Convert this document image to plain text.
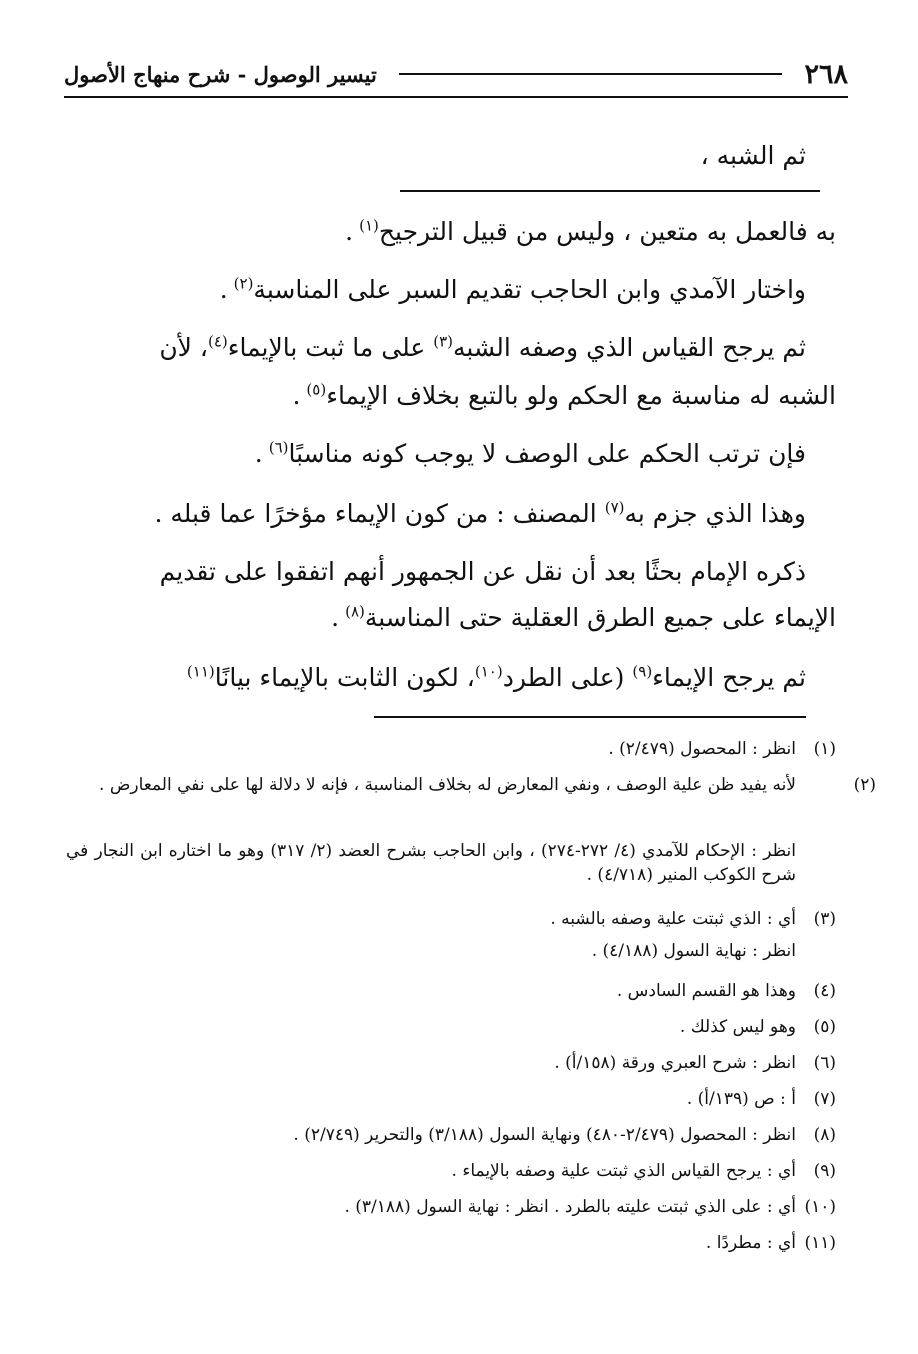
٢٦٨
تيسير الوصول - شرح منهاج الأصول
ثم الشبه ،
به فالعمل به متعين ، وليس من قبيل الترجيح$^{(١)}$.
واختار الآمدي وابن الحاجب تقديم السبر على المناسبة$^{(٢)}$.
ثم يرجح القياس الذي وصفه الشبه$^{(٣)}$ على ما ثبت بالإيماء$^{(٤)}$، لأن
الشبه له مناسبة مع الحكم ولو بالتبع بخلاف الإيماء$^{(٥)}$.
فإن ترتب الحكم على الوصف لا يوجب كونه مناسبًا$^{(٦)}$.
وهذا الذي جزم به$^{(٧)}$ المصنف : من كون الإيماء مؤخرًا عما قبله .
ذكره الإمام بحثًا بعد أن نقل عن الجمهور أنهم اتفقوا على تقديم
الإيماء على جميع الطرق العقلية حتى المناسبة$^{(٨)}$.
ثم يرجح الإيماء$^{(٩)}$ (على الطرد$^{(١٠)}$، لكون الثابت بالإيماء بيانًا$^{(١١)}$
(١)انظر : المحصول (٢/٤٧٩) .
(٢)لأنه يفيد ظن علية الوصف ، ونفي المعارض له بخلاف المناسبة ، فإنه لا دلالة لها على نفي المعارض .
انظر : الإحكام للآمدي (٤/ ٢٧٢-٢٧٤) ، وابن الحاجب بشرح العضد (٢/ ٣١٧) وهو ما اختاره ابن النجار في شرح الكوكب المنير (٤/٧١٨) .
(٣)أي : الذي ثبتت علية وصفه بالشبه .
انظر : نهاية السول (٤/١٨٨) .
(٤)وهذا هو القسم السادس .
(٥)وهو ليس كذلك .
(٦)انظر : شرح العبري ورقة (١٥٨/أ) .
(٧)أ : ص (١٣٩/أ) .
(٨)انظر : المحصول (٢/٤٧٩-٤٨٠) ونهاية السول (٣/١٨٨) والتحرير (٢/٧٤٩) .
(٩)أي : يرجح القياس الذي ثبتت علية وصفه بالإيماء .
(١٠)أي : على الذي ثبتت عليته بالطرد . انظر : نهاية السول (٣/١٨٨) .
(١١)أي : مطردًا .
